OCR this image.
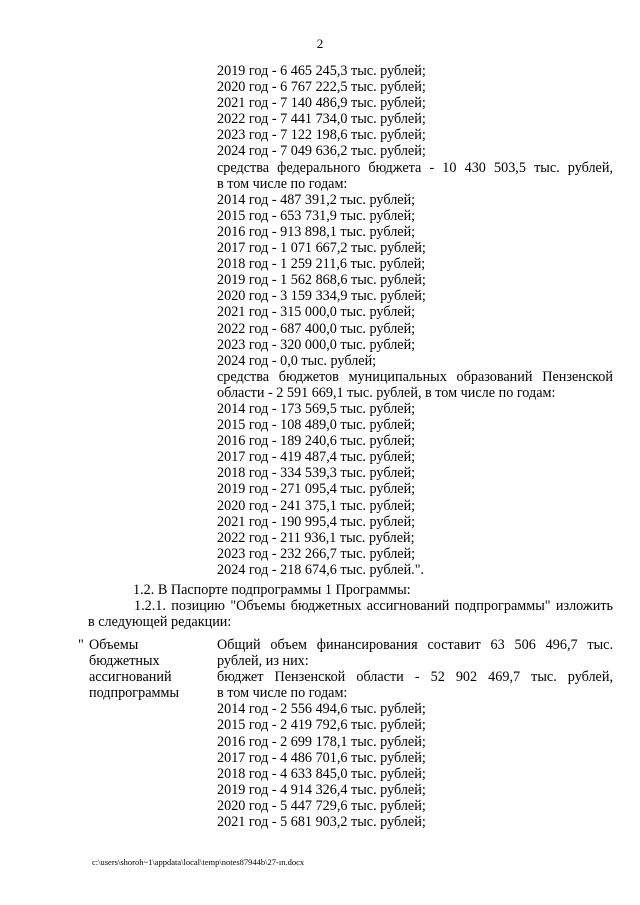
2
2019 год - 6 465 245,3 тыс. рублей;
2020 год - 6 767 222,5 тыс. рублей;
2021 год - 7 140 486,9 тыс. рублей;
2022 год - 7 441 734,0 тыс. рублей;
2023 год - 7 122 198,6 тыс. рублей;
2024 год - 7 049 636,2 тыс. рублей;
средства федерального бюджета - 10 430 503,5 тыс. рублей,
в том числе по годам:
2014 год - 487 391,2 тыс. рублей;
2015 год - 653 731,9 тыс. рублей;
2016 год - 913 898,1 тыс. рублей;
2017 год - 1 071 667,2 тыс. рублей;
2018 год - 1 259 211,6 тыс. рублей;
2019 год - 1 562 868,6 тыс. рублей;
2020 год - 3 159 334,9 тыс. рублей;
2021 год - 315 000,0 тыс. рублей;
2022 год - 687 400,0 тыс. рублей;
2023 год - 320 000,0 тыс. рублей;
2024 год - 0,0 тыс. рублей;
средства бюджетов муниципальных образований Пензенской
области - 2 591 669,1 тыс. рублей, в том числе по годам:
2014 год - 173 569,5 тыс. рублей;
2015 год - 108 489,0 тыс. рублей;
2016 год - 189 240,6 тыс. рублей;
2017 год - 419 487,4 тыс. рублей;
2018 год - 334 539,3 тыс. рублей;
2019 год - 271 095,4 тыс. рублей;
2020 год - 241 375,1 тыс. рублей;
2021 год - 190 995,4 тыс. рублей;
2022 год - 211 936,1 тыс. рублей;
2023 год - 232 266,7 тыс. рублей;
2024 год - 218 674,6 тыс. рублей.".
1.2. В Паспорте подпрограммы 1 Программы:
1.2.1. позицию "Объемы бюджетных ассигнований подпрограммы" изложить
в следующей редакции:
" Объемы
бюджетных
ассигнований
подпрограммы
Общий объем финансирования составит 63 506 496,7 тыс.
рублей, из них:
бюджет Пензенской области - 52 902 469,7 тыс. рублей,
в том числе по годам:
2014 год - 2 556 494,6 тыс. рублей;
2015 год - 2 419 792,6 тыс. рублей;
2016 год - 2 699 178,1 тыс. рублей;
2017 год - 4 486 701,6 тыс. рублей;
2018 год - 4 633 845,0 тыс. рублей;
2019 год - 4 914 326,4 тыс. рублей;
2020 год - 5 447 729,6 тыс. рублей;
2021 год - 5 681 903,2 тыс. рублей;
c:\users\shoroh~1\appdata\local\temp\notes87944b\27-ın.docx
